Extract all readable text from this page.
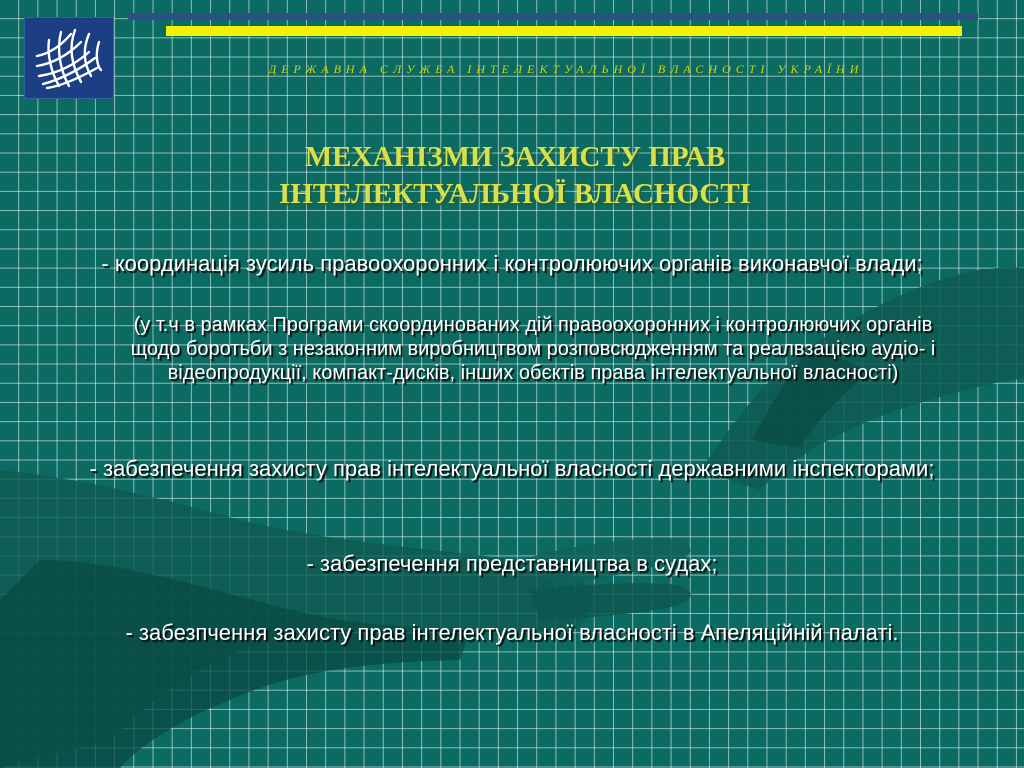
ДЕРЖАВНА СЛУЖБА ІНТЕЛЕКТУАЛЬНОЇ ВЛАСНОСТІ УКРАЇНИ
МЕХАНІЗМИ ЗАХИСТУ ПРАВ
ІНТЕЛЕКТУАЛЬНОЇ ВЛАСНОСТІ
- координація зусиль правоохоронних і контролюючих органів виконавчої влади;
(у т.ч в рамках Програми скоординованих дій правоохоронних і контролюючих органів щодо боротьби з незаконним виробництвом розповсюдженням та реалвзацією аудіо- і відеопродукції, компакт-дисків, інших обєктів права інтелектуальної власності)
- забезпечення захисту прав інтелектуальної власності державними інспекторами;
- забезпечення представництва в судах;
- забезпчення захисту прав інтелектуальної власності в Апеляційній палаті.
